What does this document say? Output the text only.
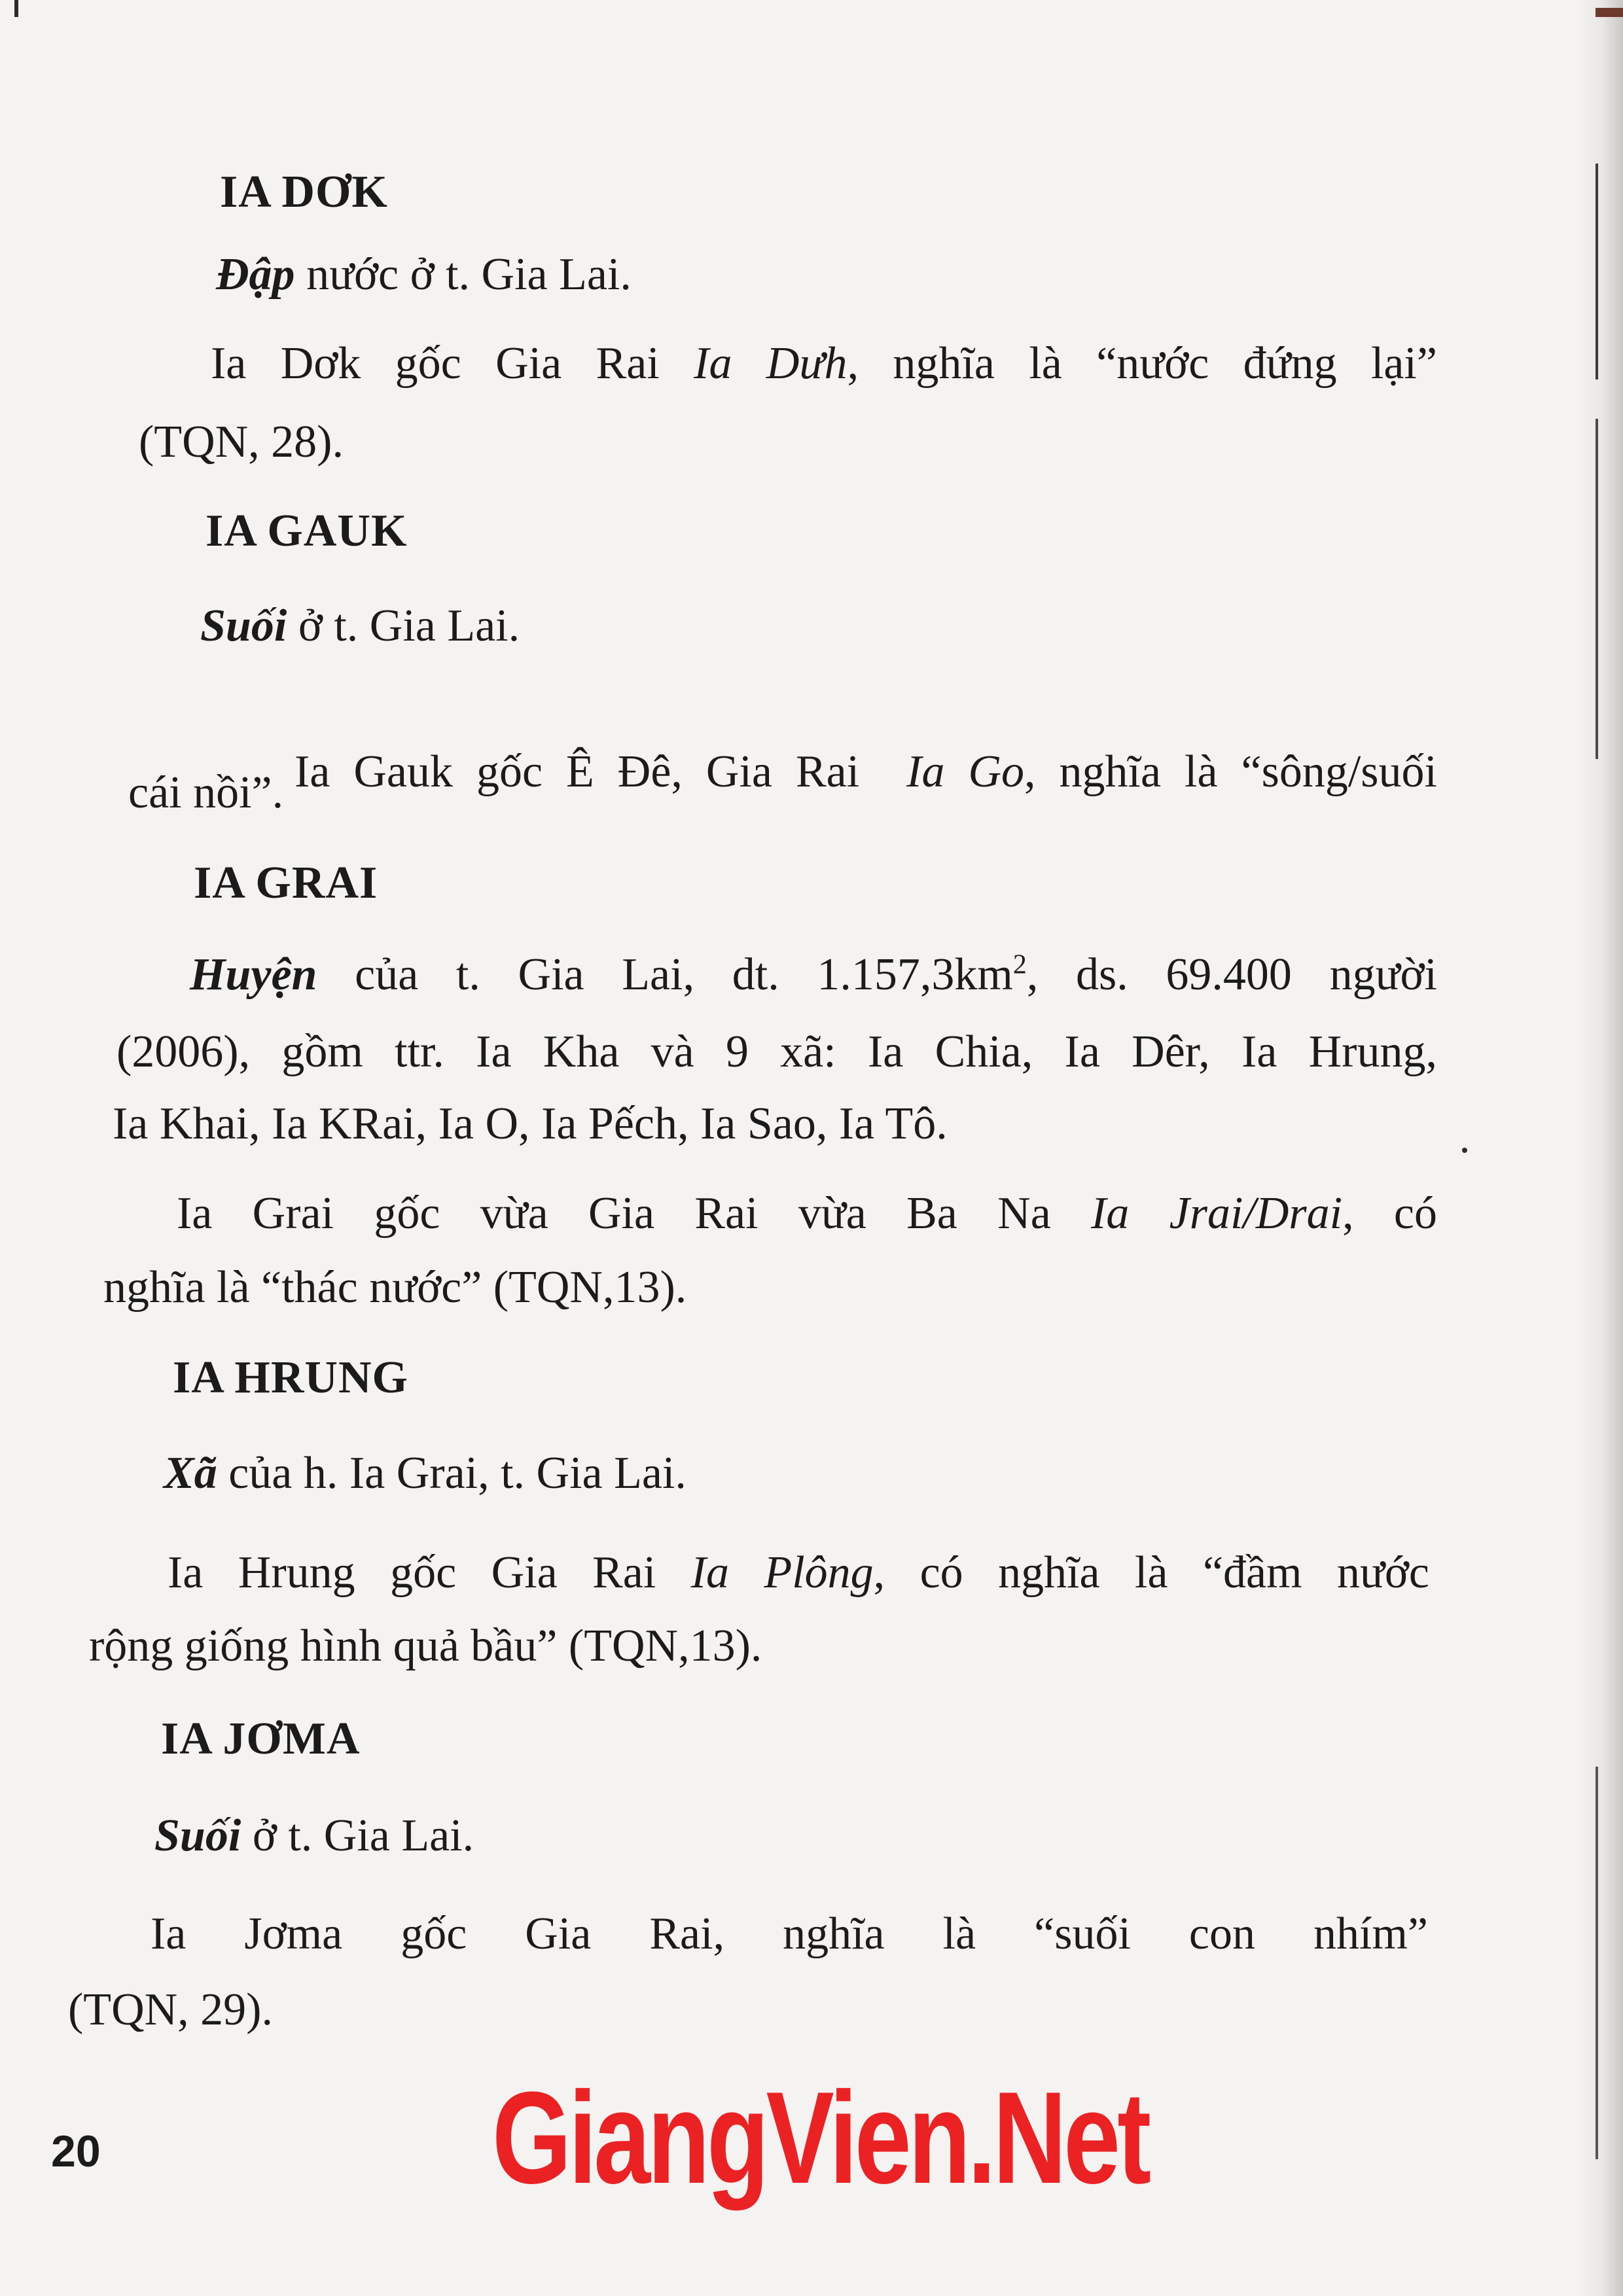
IA DƠK
Đập nước ở t. Gia Lai.
Ia Dơk gốc Gia Rai Ia Dưh, nghĩa là “nước đứng lại”
(TQN, 28).
IA GAUK
Suối ở t. Gia Lai.

Ia Gauk gốc Ê Đê, Gia Rai  Ia Go, nghĩa là “sông/suối

cái nồi”.
IA GRAI
Huyện của t. Gia Lai, dt. $1.157,3km^2$, ds. 69.400 người
(2006), gồm ttr. Ia Kha và 9 xã: Ia Chia, Ia Dêr, Ia Hrung,
Ia Khai, Ia KRai, Ia O, Ia Pếch, Ia Sao, Ia Tô.
Ia Grai gốc vừa Gia Rai vừa Ba Na Ia Jrai/Drai, có
nghĩa là “thác nước” (TQN,13).
IA HRUNG
Xã của h. Ia Grai, t. Gia Lai.
Ia Hrung gốc Gia Rai Ia Plông, có nghĩa là “đầm nước
rộng giống hình quả bầu” (TQN,13).
IA JƠMA
Suối ở t. Gia Lai.
Ia Jơma gốc Gia Rai, nghĩa là “suối con nhím”
(TQN, 29).
20	GiangVien.Net
